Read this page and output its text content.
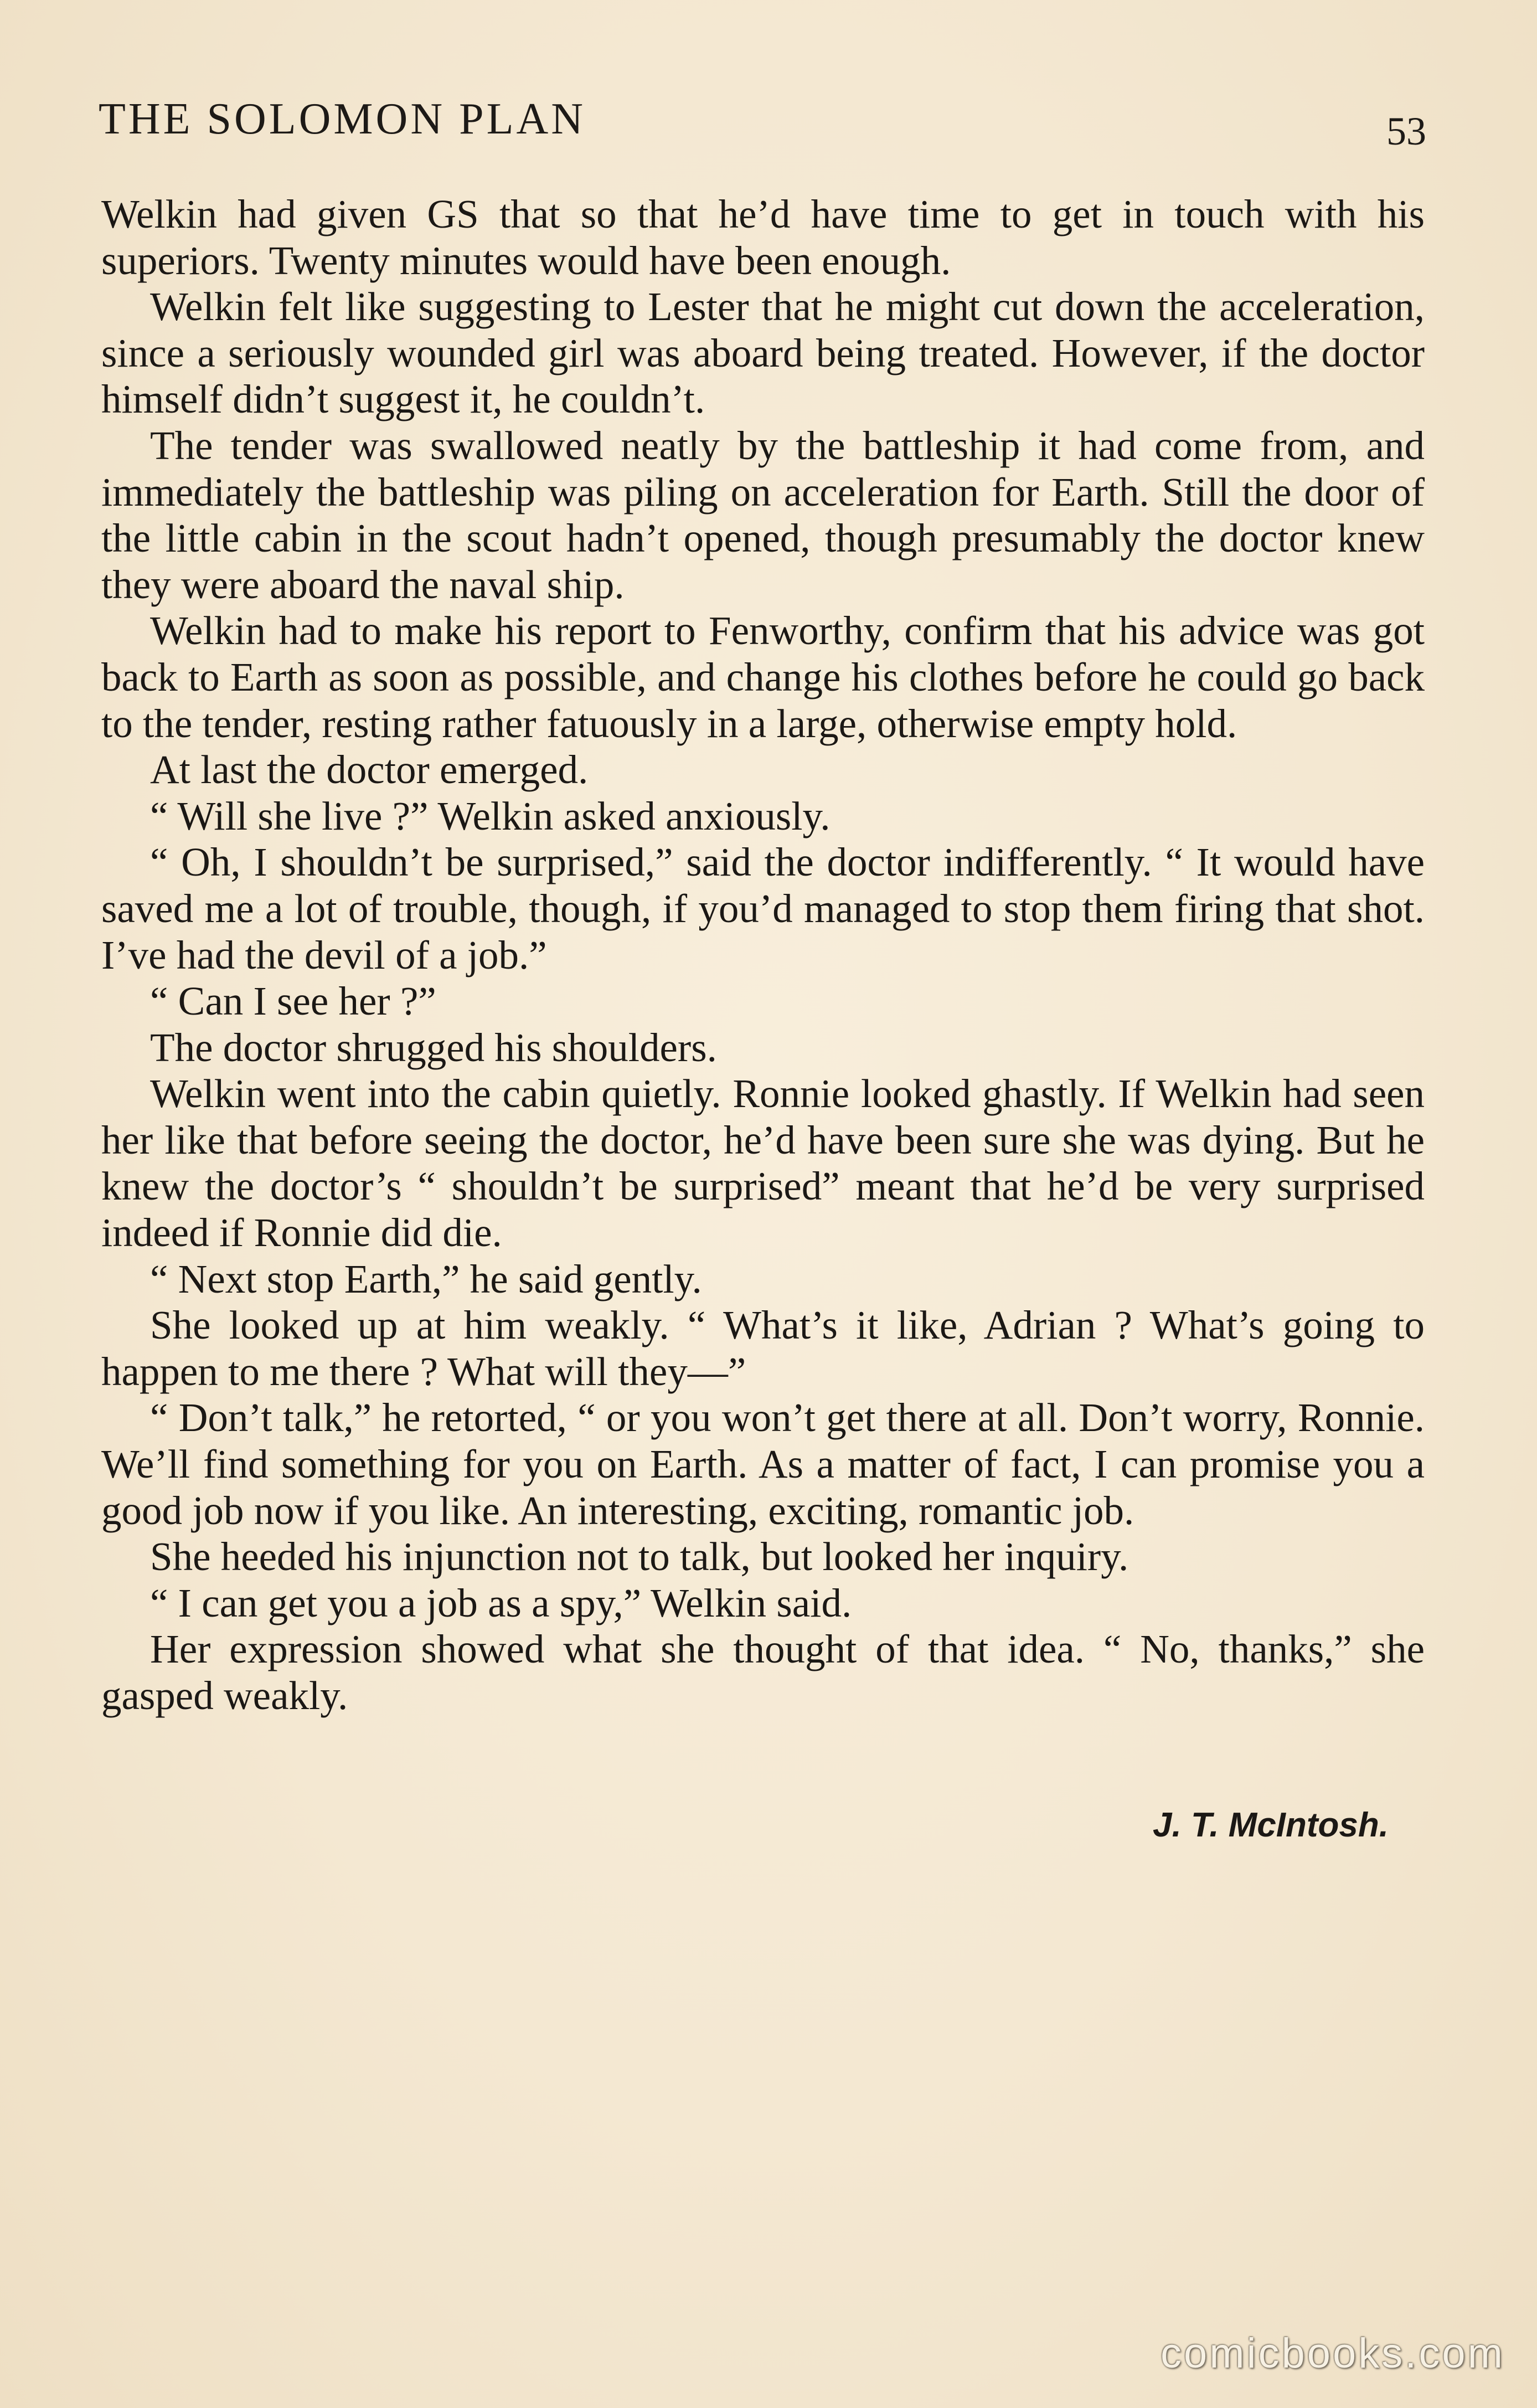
THE SOLOMON PLAN	53

Welkin had given GS that so that he’d have time to get in touch with his superiors. Twenty minutes would have been enough.

Welkin felt like suggesting to Lester that he might cut down the acceleration, since a seriously wounded girl was aboard being treated. However, if the doctor himself didn’t suggest it, he couldn’t.

The tender was swallowed neatly by the battleship it had come from, and immediately the battleship was piling on acceleration for Earth. Still the door of the little cabin in the scout hadn’t opened, though presumably the doctor knew they were aboard the naval ship.

Welkin had to make his report to Fenworthy, confirm that his advice was got back to Earth as soon as possible, and change his clothes before he could go back to the tender, resting rather fatuously in a large, otherwise empty hold.

At last the doctor emerged.

“ Will she live ?” Welkin asked anxiously.

“ Oh, I shouldn’t be surprised,” said the doctor indifferently. “ It would have saved me a lot of trouble, though, if you’d managed to stop them firing that shot. I’ve had the devil of a job.”

“ Can I see her ?”

The doctor shrugged his shoulders.

Welkin went into the cabin quietly. Ronnie looked ghastly. If Welkin had seen her like that before seeing the doctor, he’d have been sure she was dying. But he knew the doctor’s “ shouldn’t be surprised” meant that he’d be very surprised indeed if Ronnie did die.

“ Next stop Earth,” he said gently.

She looked up at him weakly. “ What’s it like, Adrian ? What’s going to happen to me there ? What will they—”

“ Don’t talk,” he retorted, “ or you won’t get there at all. Don’t worry, Ronnie. We’ll find something for you on Earth. As a matter of fact, I can promise you a good job now if you like. An interesting, exciting, romantic job.

She heeded his injunction not to talk, but looked her inquiry.

“ I can get you a job as a spy,” Welkin said.

Her expression showed what she thought of that idea. “ No, thanks,” she gasped weakly.

J. T. McIntosh.
comicbooks.com
